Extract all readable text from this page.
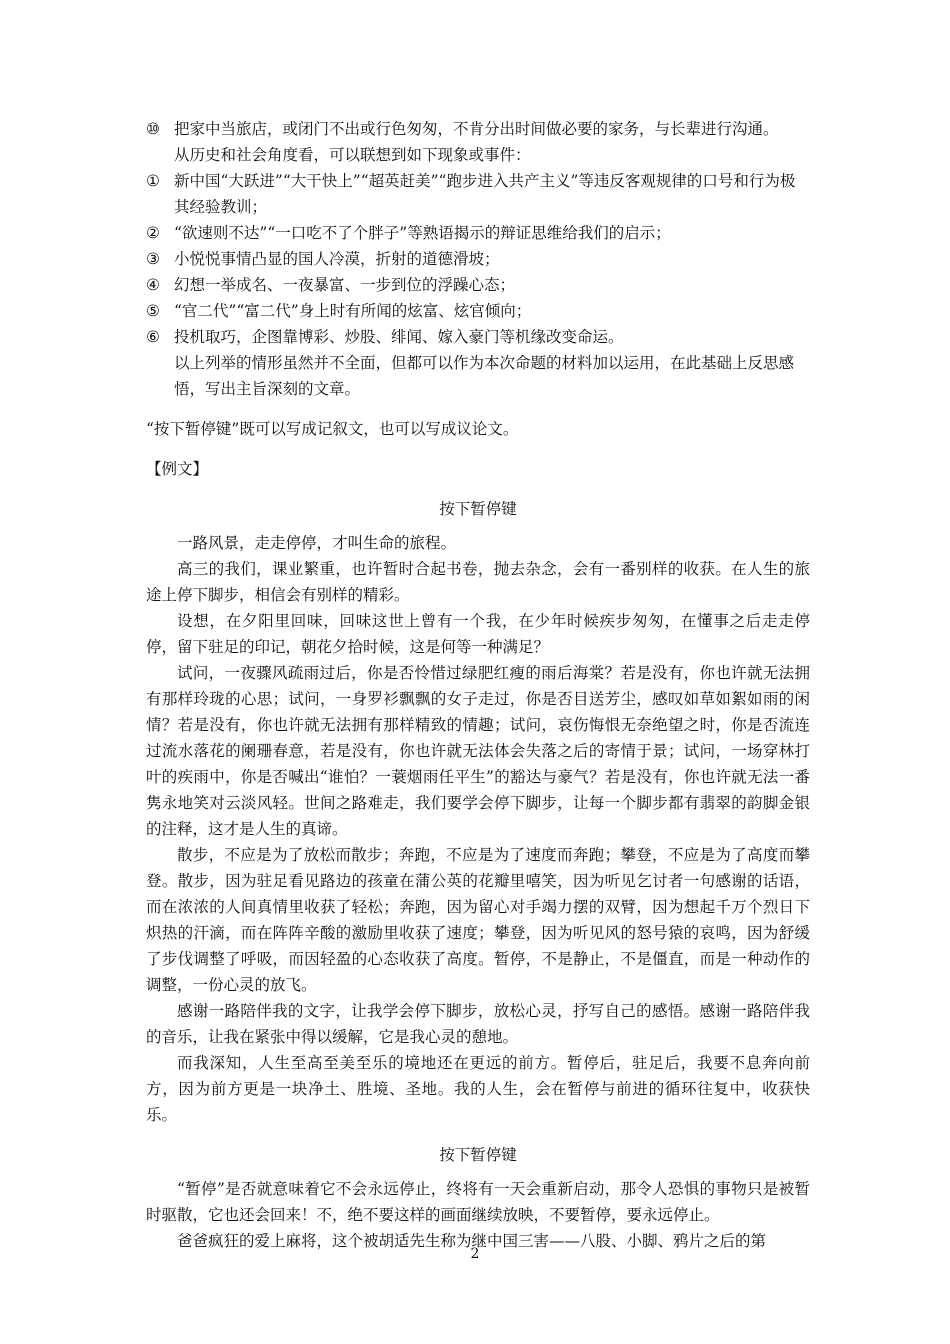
⑩ 把家中当旅店，或闭门不出或行色匆匆，不肯分出时间做必要的家务，与长辈进行沟通。
从历史和社会角度看，可以联想到如下现象或事件：
① 新中国“大跃进”“大干快上”“超英赶美”“跑步进入共产主义”等违反客观规律的口号和行为极其经验教训；
② “欲速则不达”“一口吃不了个胖子”等熟语揭示的辩证思维给我们的启示；
③ 小悦悦事情凸显的国人冷漠，折射的道德滑坡；
④ 幻想一举成名、一夜暴富、一步到位的浮躁心态；
⑤ “官二代”“富二代”身上时有所闻的炫富、炫官倾向；
⑥ 投机取巧，企图靠博彩、炒股、绯闻、嫁入豪门等机缘改变命运。
以上列举的情形虽然并不全面，但都可以作为本次命题的材料加以运用，在此基础上反思感悟，写出主旨深刻的文章。
“按下暂停键”既可以写成记叙文，也可以写成议论文。
【例文】
按下暂停键
一路风景，走走停停，才叫生命的旅程。
高三的我们，课业繁重，也许暂时合起书卷，抛去杂念，会有一番别样的收获。在人生的旅途上停下脚步，相信会有别样的精彩。
设想，在夕阳里回味，回味这世上曾有一个我，在少年时候疾步匆匆，在懂事之后走走停停，留下驻足的印记，朝花夕拾时候，这是何等一种满足？
试问，一夜骤风疏雨过后，你是否怜惜过绿肥红瘦的雨后海棠？若是没有，你也许就无法拥有那样玲珑的心思；试问，一身罗衫飘飘的女子走过，你是否目送芳尘，感叹如草如絮如雨的闲情？若是没有，你也许就无法拥有那样精致的情趣；试问，哀伤悔恨无奈绝望之时，你是否流连过流水落花的阑珊春意，若是没有，你也许就无法体会失落之后的寄情于景；试问，一场穿林打叶的疾雨中，你是否喊出“谁怕？一蓑烟雨任平生”的豁达与豪气？若是没有，你也许就无法一番隽永地笑对云淡风轻。世间之路难走，我们要学会停下脚步，让每一个脚步都有翡翠的韵脚金银的注释，这才是人生的真谛。
散步，不应是为了放松而散步；奔跑，不应是为了速度而奔跑；攀登，不应是为了高度而攀登。散步，因为驻足看见路边的孩童在蒲公英的花瓣里嘻笑，因为听见乞讨者一句感谢的话语，而在浓浓的人间真情里收获了轻松；奔跑，因为留心对手竭力摆的双臂，因为想起千万个烈日下炽热的汗滴，而在阵阵辛酸的激励里收获了速度；攀登，因为听见风的怒号猿的哀鸣，因为舒缓了步伐调整了呼吸，而因轻盈的心态收获了高度。暂停，不是静止，不是僵直，而是一种动作的调整，一份心灵的放飞。
感谢一路陪伴我的文字，让我学会停下脚步，放松心灵，抒写自己的感悟。感谢一路陪伴我的音乐，让我在紧张中得以缓解，它是我心灵的憩地。
而我深知，人生至高至美至乐的境地还在更远的前方。暂停后，驻足后，我要不息奔向前方，因为前方更是一块净土、胜境、圣地。我的人生，会在暂停与前进的循环往复中，收获快乐。
按下暂停键
“暂停”是否就意味着它不会永远停止，终将有一天会重新启动，那令人恐惧的事物只是被暂时驱散，它也还会回来！不，绝不要这样的画面继续放映，不要暂停，要永远停止。
爸爸疯狂的爱上麻将，这个被胡适先生称为继中国三害——八股、小脚、鸦片之后的第
2
